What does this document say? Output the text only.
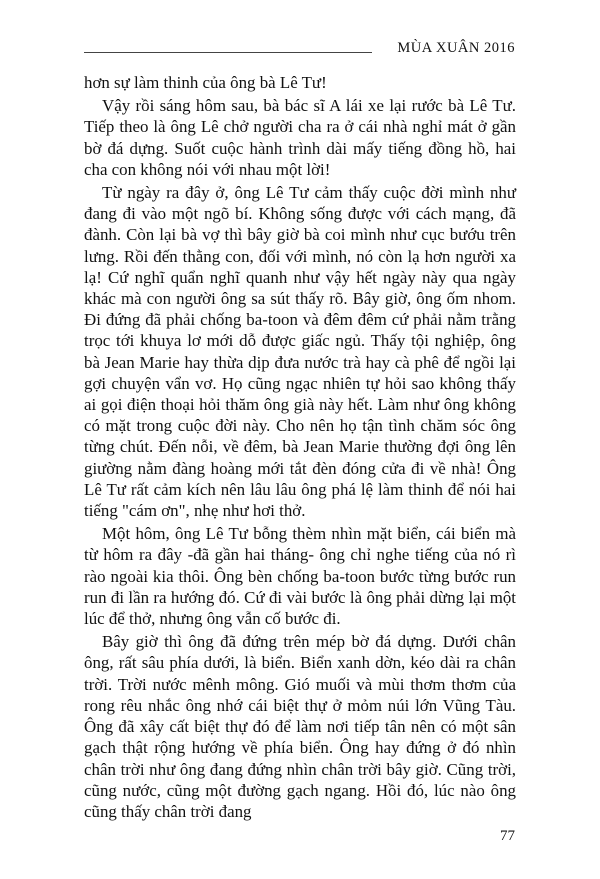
MÙA XUÂN 2016

hơn sự làm thinh của ông bà Lê Tư!

Vậy rồi sáng hôm sau, bà bác sĩ A lái xe lại rước bà Lê Tư. Tiếp theo là ông Lê chở người cha ra ở cái nhà nghỉ mát ở gần bờ đá dựng. Suốt cuộc hành trình dài mấy tiếng đồng hồ, hai cha con không nói với nhau một lời!

Từ ngày ra đây ở, ông Lê Tư cảm thấy cuộc đời mình như đang đi vào một ngõ bí. Không sống được với cách mạng, đã đành. Còn lại bà vợ thì bây giờ bà coi mình như cục bướu trên lưng. Rồi đến thằng con, đối với mình, nó còn lạ hơn người xa lạ! Cứ nghĩ quẩn nghĩ quanh như vậy hết ngày này qua ngày khác mà con người ông sa sút thấy rõ. Bây giờ, ông ốm nhom. Đi đứng đã phải chống ba-toon và đêm đêm cứ phải nằm trằng trọc tới khuya lơ mới dỗ được giấc ngủ. Thấy tội nghiệp, ông bà Jean Marie hay thừa dịp đưa nước trà hay cà phê để ngồi lại gợi chuyện vẩn vơ. Họ cũng ngạc nhiên tự hỏi sao không thấy ai gọi điện thoại hỏi thăm ông già này hết. Làm như ông không có mặt trong cuộc đời này. Cho nên họ tận tình chăm sóc ông từng chút. Đến nỗi, về đêm, bà Jean Marie thường đợi ông lên giường nằm đàng hoàng mới tắt đèn đóng cửa đi về nhà! Ông Lê Tư rất cảm kích nên lâu lâu ông phá lệ làm thinh để nói hai tiếng "cám ơn", nhẹ như hơi thở.

Một hôm, ông Lê Tư bỗng thèm nhìn mặt biển, cái biển mà từ hôm ra đây -đã gần hai tháng- ông chỉ nghe tiếng của nó rì rào ngoài kia thôi. Ông bèn chống ba-toon bước từng bước run run đi lần ra hướng đó. Cứ đi vài bước là ông phải dừng lại một lúc để thở, nhưng ông vẫn cố bước đi.

Bây giờ thì ông đã đứng trên mép bờ đá dựng. Dưới chân ông, rất sâu phía dưới, là biển. Biển xanh dờn, kéo dài ra chân trời. Trời nước mênh mông. Gió muối và mùi thơm thơm của rong rêu nhắc ông nhớ cái biệt thự ở mỏm núi lớn Vũng Tàu. Ông đã xây cất biệt thự đó để làm nơi tiếp tân nên có một sân gạch thật rộng hướng về phía biển. Ông hay đứng ở đó nhìn chân trời như ông đang đứng nhìn chân trời bây giờ. Cũng trời, cũng nước, cũng một đường gạch ngang. Hồi đó, lúc nào ông cũng thấy chân trời đang

77
